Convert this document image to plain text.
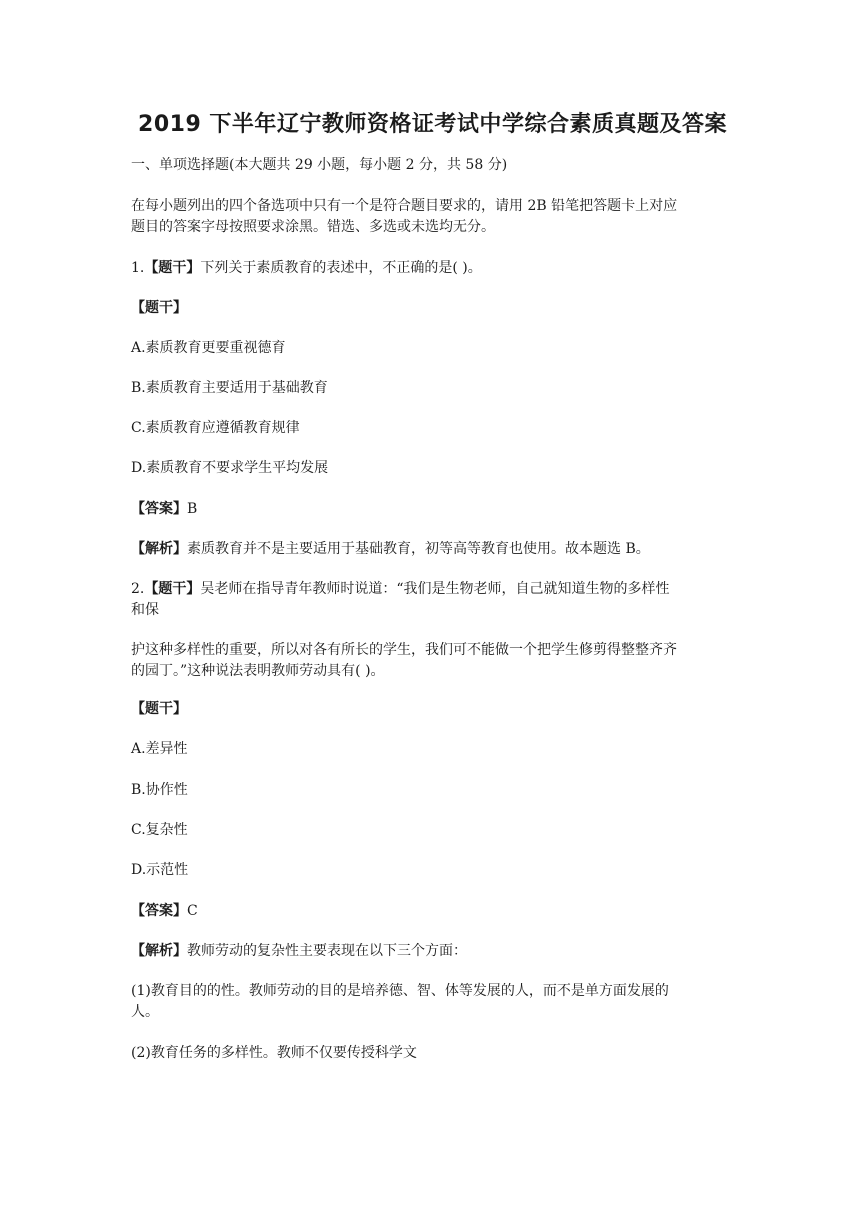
2019 下半年辽宁教师资格证考试中学综合素质真题及答案
一、单项选择题(本大题共 29 小题，每小题 2 分，共 58 分)
在每小题列出的四个备选项中只有一个是符合题目要求的，请用 2B 铅笔把答题卡上对应
题目的答案字母按照要求涂黑。错选、多选或未选均无分。
1.【题干】下列关于素质教育的表述中，不正确的是( )。
【题干】
A.素质教育更要重视德育
B.素质教育主要适用于基础教育
C.素质教育应遵循教育规律
D.素质教育不要求学生平均发展
【答案】B
【解析】素质教育并不是主要适用于基础教育，初等高等教育也使用。故本题选 B。
2.【题干】吴老师在指导青年教师时说道：“我们是生物老师，自己就知道生物的多样性
和保
护这种多样性的重要，所以对各有所长的学生，我们可不能做一个把学生修剪得整整齐齐
的园丁。”这种说法表明教师劳动具有( )。
【题干】
A.差异性
B.协作性
C.复杂性
D.示范性
【答案】C
【解析】教师劳动的复杂性主要表现在以下三个方面：
(1)教育目的的性。教师劳动的目的是培养德、智、体等发展的人，而不是单方面发展的
人。
(2)教育任务的多样性。教师不仅要传授科学文
